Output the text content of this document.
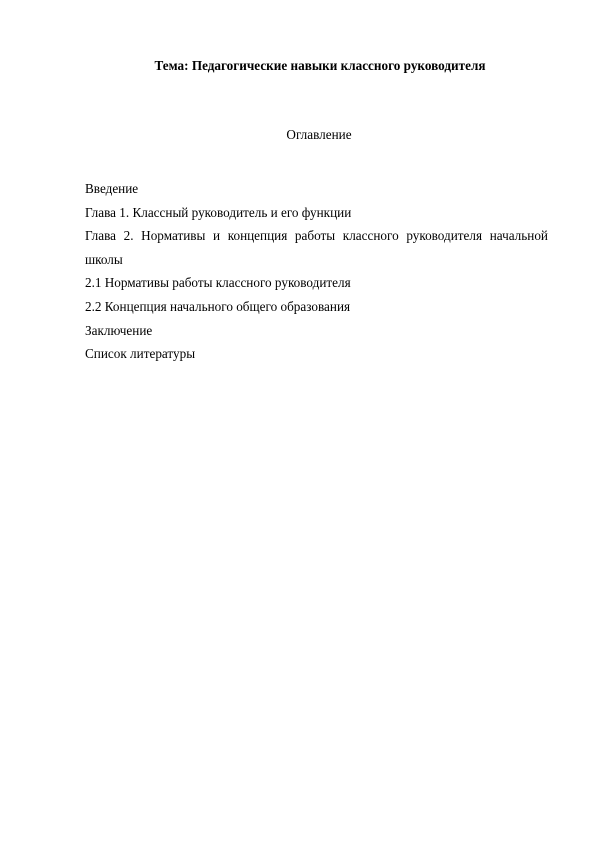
Тема: Педагогические навыки классного руководителя
Оглавление
Введение
Глава 1. Классный руководитель и его функции
Глава 2. Нормативы и концепция работы классного руководителя начальной школы
2.1 Нормативы работы классного руководителя
2.2 Концепция начального общего образования
Заключение
Список литературы
